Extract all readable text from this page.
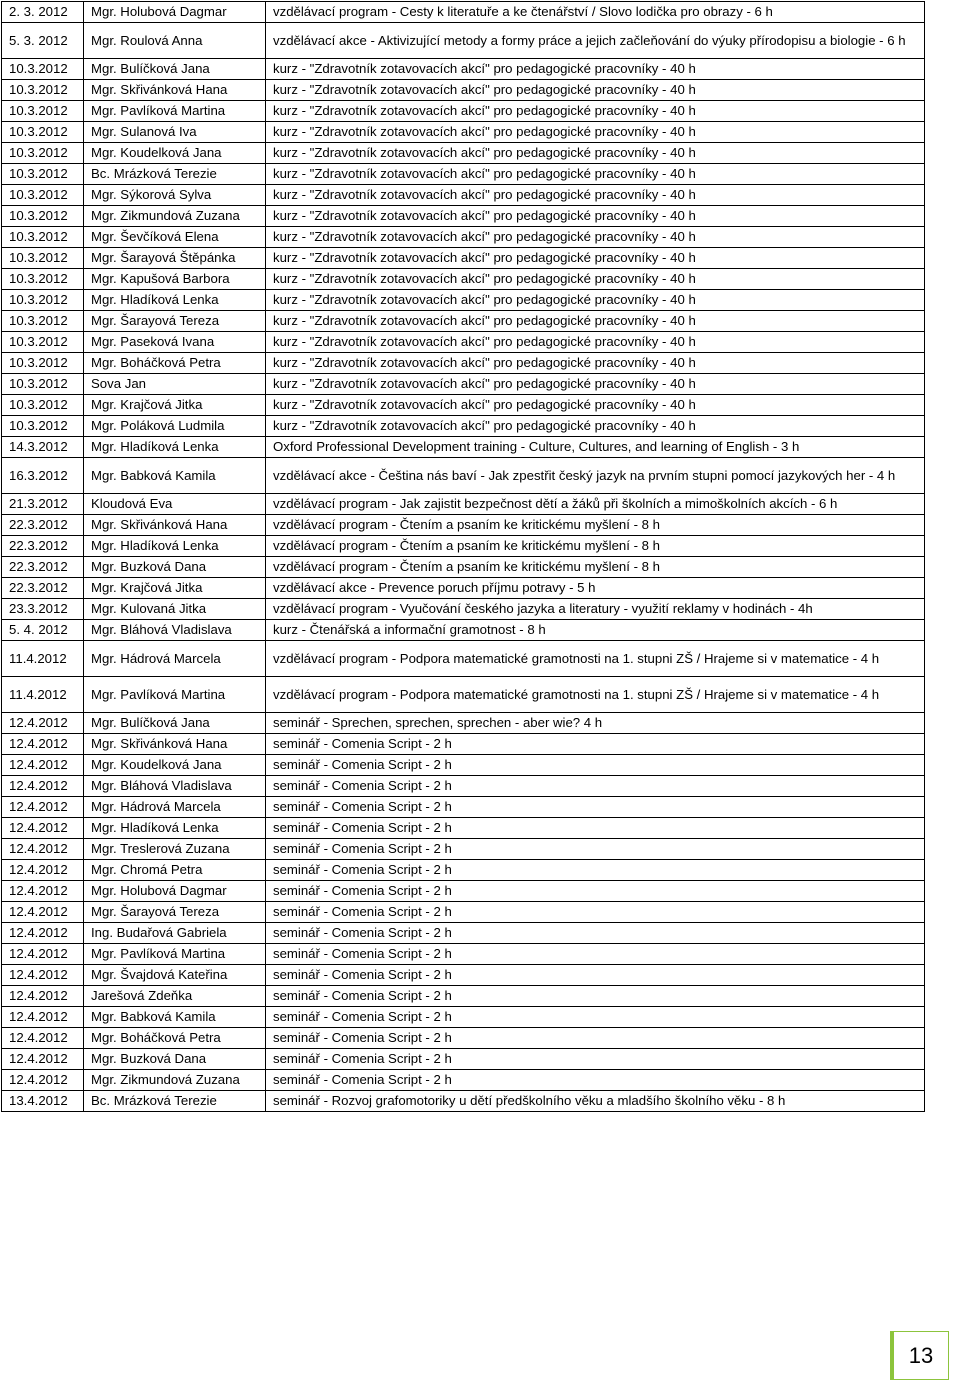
2. 3. 2012	Mgr. Holubová Dagmar	vzdělávací program - Cesty k literatuře a ke čtenářství / Slovo lodička pro obrazy - 6 h
5. 3. 2012	Mgr. Roulová Anna	vzdělávací akce - Aktivizující metody a formy práce a jejich začleňování do výuky přírodopisu a biologie - 6 h
10.3.2012	Mgr. Bulíčková Jana	kurz - "Zdravotník zotavovacích akcí" pro pedagogické pracovníky - 40 h
10.3.2012	Mgr. Skřivánková Hana	kurz - "Zdravotník zotavovacích akcí" pro pedagogické pracovníky - 40 h
10.3.2012	Mgr. Pavlíková Martina	kurz - "Zdravotník zotavovacích akcí" pro pedagogické pracovníky - 40 h
10.3.2012	Mgr. Sulanová Iva	kurz - "Zdravotník zotavovacích akcí" pro pedagogické pracovníky - 40 h
10.3.2012	Mgr. Koudelková Jana	kurz - "Zdravotník zotavovacích akcí" pro pedagogické pracovníky - 40 h
10.3.2012	Bc. Mrázková Terezie	kurz - "Zdravotník zotavovacích akcí" pro pedagogické pracovníky - 40 h
10.3.2012	Mgr. Sýkorová Sylva	kurz - "Zdravotník zotavovacích akcí" pro pedagogické pracovníky - 40 h
10.3.2012	Mgr. Zikmundová Zuzana	kurz - "Zdravotník zotavovacích akcí" pro pedagogické pracovníky - 40 h
10.3.2012	Mgr. Ševčíková Elena	kurz - "Zdravotník zotavovacích akcí" pro pedagogické pracovníky - 40 h
10.3.2012	Mgr. Šarayová Štěpánka	kurz - "Zdravotník zotavovacích akcí" pro pedagogické pracovníky - 40 h
10.3.2012	Mgr. Kapušová Barbora	kurz - "Zdravotník zotavovacích akcí" pro pedagogické pracovníky - 40 h
10.3.2012	Mgr. Hladíková Lenka	kurz - "Zdravotník zotavovacích akcí" pro pedagogické pracovníky - 40 h
10.3.2012	Mgr. Šarayová Tereza	kurz - "Zdravotník zotavovacích akcí" pro pedagogické pracovníky - 40 h
10.3.2012	Mgr. Paseková Ivana	kurz - "Zdravotník zotavovacích akcí" pro pedagogické pracovníky - 40 h
10.3.2012	Mgr. Boháčková Petra	kurz - "Zdravotník zotavovacích akcí" pro pedagogické pracovníky - 40 h
10.3.2012	Sova Jan	kurz - "Zdravotník zotavovacích akcí" pro pedagogické pracovníky - 40 h
10.3.2012	Mgr. Krajčová Jitka	kurz - "Zdravotník zotavovacích akcí" pro pedagogické pracovníky - 40 h
10.3.2012	Mgr. Poláková Ludmila	kurz - "Zdravotník zotavovacích akcí" pro pedagogické pracovníky - 40 h
14.3.2012	Mgr. Hladíková Lenka	Oxford Professional Development training - Culture, Cultures, and learning of English - 3 h
16.3.2012	Mgr. Babková Kamila	vzdělávací akce - Čeština nás baví - Jak zpestřit český jazyk na prvním stupni pomocí jazykových her - 4 h
21.3.2012	Kloudová Eva	vzdělávací program - Jak zajistit bezpečnost dětí a žáků při školních a mimoškolních akcích - 6 h
22.3.2012	Mgr. Skřivánková Hana	vzdělávací program - Čtením a psaním ke kritickému myšlení - 8 h
22.3.2012	Mgr. Hladíková Lenka	vzdělávací program - Čtením a psaním ke kritickému myšlení - 8 h
22.3.2012	Mgr. Buzková Dana	vzdělávací program - Čtením a psaním ke kritickému myšlení - 8 h
22.3.2012	Mgr. Krajčová Jitka	vzdělávací akce - Prevence poruch příjmu potravy - 5 h
23.3.2012	Mgr. Kulovaná Jitka	vzdělávací program - Vyučování českého jazyka a literatury - využití reklamy v hodinách - 4h
5. 4. 2012	Mgr. Bláhová Vladislava	kurz - Čtenářská a informační gramotnost - 8 h
11.4.2012	Mgr. Hádrová Marcela	vzdělávací program - Podpora matematické gramotnosti na 1. stupni ZŠ / Hrajeme si v matematice - 4 h
11.4.2012	Mgr. Pavlíková Martina	vzdělávací program - Podpora matematické gramotnosti na 1. stupni ZŠ / Hrajeme si v matematice - 4 h
12.4.2012	Mgr. Bulíčková Jana	seminář - Sprechen, sprechen, sprechen - aber wie? 4 h
12.4.2012	Mgr. Skřivánková Hana	seminář - Comenia Script - 2 h
12.4.2012	Mgr. Koudelková Jana	seminář - Comenia Script - 2 h
12.4.2012	Mgr. Bláhová Vladislava	seminář - Comenia Script - 2 h
12.4.2012	Mgr. Hádrová Marcela	seminář - Comenia Script - 2 h
12.4.2012	Mgr. Hladíková Lenka	seminář - Comenia Script - 2 h
12.4.2012	Mgr. Treslerová Zuzana	seminář - Comenia Script - 2 h
12.4.2012	Mgr. Chromá Petra	seminář - Comenia Script - 2 h
12.4.2012	Mgr. Holubová Dagmar	seminář - Comenia Script - 2 h
12.4.2012	Mgr. Šarayová Tereza	seminář - Comenia Script - 2 h
12.4.2012	Ing. Budařová Gabriela	seminář - Comenia Script - 2 h
12.4.2012	Mgr. Pavlíková Martina	seminář - Comenia Script - 2 h
12.4.2012	Mgr. Švajdová Kateřina	seminář - Comenia Script - 2 h
12.4.2012	Jarešová Zdeňka	seminář - Comenia Script - 2 h
12.4.2012	Mgr. Babková Kamila	seminář - Comenia Script - 2 h
12.4.2012	Mgr. Boháčková Petra	seminář - Comenia Script - 2 h
12.4.2012	Mgr. Buzková Dana	seminář - Comenia Script - 2 h
12.4.2012	Mgr. Zikmundová Zuzana	seminář - Comenia Script - 2 h
13.4.2012	Bc. Mrázková Terezie	seminář - Rozvoj grafomotoriky u dětí předškolního věku a mladšího školního věku - 8 h
13
